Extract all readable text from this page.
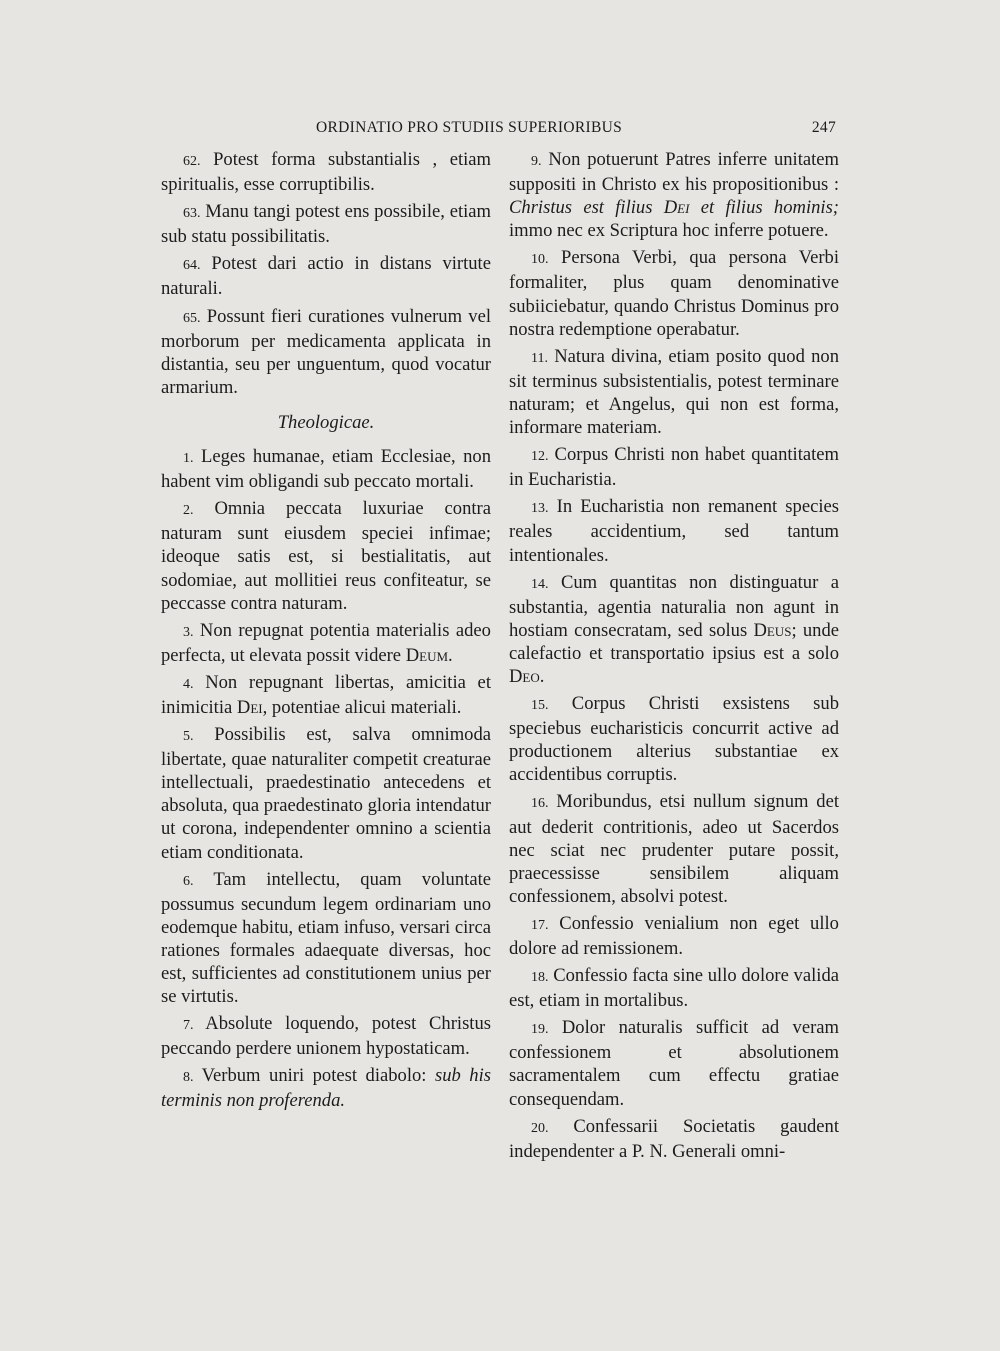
ORDINATIO PRO STUDIIS SUPERIORIBUS	247

62. Potest forma substantialis , etiam spiritualis, esse corruptibilis.

63. Manu tangi potest ens possibile, etiam sub statu possibilitatis.

64. Potest dari actio in distans virtute naturali.

65. Possunt fieri curationes vulnerum vel morborum per medicamenta applicata in distantia, seu per unguentum, quod vocatur armarium.

Theologicae.

1. Leges humanae, etiam Ecclesiae, non habent vim obligandi sub peccato mortali.

2. Omnia peccata luxuriae contra naturam sunt eiusdem speciei infimae; ideoque satis est, si bestialitatis, aut sodomiae, aut mollitiei reus confiteatur, se peccasse contra naturam.

3. Non repugnat potentia materialis adeo perfecta, ut elevata possit videre Deum.

4. Non repugnant libertas, amicitia et inimicitia Dei, potentiae alicui materiali.

5. Possibilis est, salva omnimoda libertate, quae naturaliter competit creaturae intellectuali, praedestinatio antecedens et absoluta, qua praedestinato gloria intendatur ut corona, independenter omnino a scientia etiam conditionata.

6. Tam intellectu, quam voluntate possumus secundum legem ordinariam uno eodemque habitu, etiam infuso, versari circa rationes formales adaequate diversas, hoc est, sufficientes ad constitutionem unius per se virtutis.

7. Absolute loquendo, potest Christus peccando perdere unionem hypostaticam.

8. Verbum uniri potest diabolo: sub his terminis non proferenda.

9. Non potuerunt Patres inferre unitatem suppositi in Christo ex his propositionibus : Christus est filius Dei et filius hominis; immo nec ex Scriptura hoc inferre potuere.

10. Persona Verbi, qua persona Verbi formaliter, plus quam denominative subiiciebatur, quando Christus Dominus pro nostra redemptione operabatur.

11. Natura divina, etiam posito quod non sit terminus subsistentialis, potest terminare naturam; et Angelus, qui non est forma, informare materiam.

12. Corpus Christi non habet quantitatem in Eucharistia.

13. In Eucharistia non remanent species reales accidentium, sed tantum intentionales.

14. Cum quantitas non distinguatur a substantia, agentia naturalia non agunt in hostiam consecratam, sed solus Deus; unde calefactio et transportatio ipsius est a solo Deo.

15. Corpus Christi exsistens sub speciebus eucharisticis concurrit active ad productionem alterius substantiae ex accidentibus corruptis.

16. Moribundus, etsi nullum signum det aut dederit contritionis, adeo ut Sacerdos nec sciat nec prudenter putare possit, praecessisse sensibilem aliquam confessionem, absolvi potest.

17. Confessio venialium non eget ullo dolore ad remissionem.

18. Confessio facta sine ullo dolore valida est, etiam in mortalibus.

19. Dolor naturalis sufficit ad veram confessionem et absolutionem sacramentalem cum effectu gratiae consequendam.

20. Confessarii Societatis gaudent independenter a P. N. Generali omni-
